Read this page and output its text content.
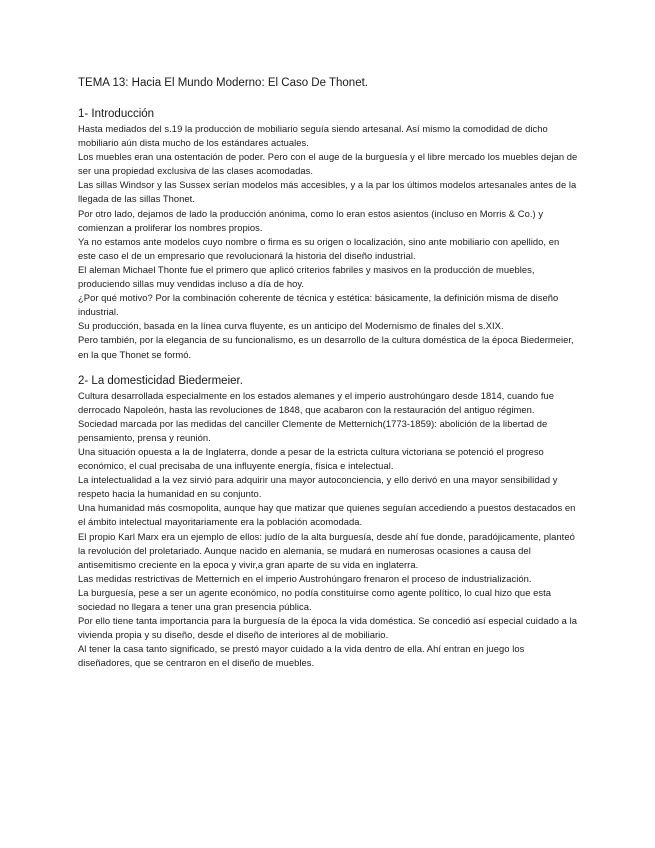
TEMA 13: Hacia El Mundo Moderno: El Caso De Thonet.
1- Introducción

Hasta mediados del s.19 la producción de mobiliario seguía siendo artesanal. Así mismo la comodidad de dicho mobiliario aún dista mucho de los estándares actuales.

Los muebles eran una ostentación de poder. Pero con el auge de la burguesía y el libre mercado los muebles dejan de ser una propiedad exclusiva de las clases acomodadas.

Las sillas Windsor y las Sussex serían modelos más accesibles, y a la par los últimos modelos artesanales antes de la llegada de las sillas Thonet.

Por otro lado, dejamos de lado la producción anónima, como lo eran estos asientos (incluso en Morris & Co.) y comienzan a proliferar los nombres propios.

Ya no estamos ante modelos cuyo nombre o firma es su origen o localización, sino ante mobiliario con apellido, en este caso el de un empresario que revolucionará la historia del diseño industrial.

El aleman Michael Thonte fue el primero que aplicó criterios fabriles y masivos en la producción de muebles, produciendo sillas muy vendidas incluso a día de hoy.

¿Por qué motivo? Por la combinación coherente de técnica y estética: básicamente, la definición misma de diseño industrial.

Su producción, basada en la línea curva fluyente, es un anticipo del Modernismo de finales del s.XIX.

Pero también, por la elegancia de su funcionalismo, es un desarrollo de la cultura doméstica de la época Biedermeier, en la que Thonet se formó.

2- La domesticidad Biedermeier.

Cultura desarrollada especialmente en los estados alemanes y el imperio austrohúngaro desde 1814, cuando fue derrocado Napoleón, hasta las revoluciones de 1848, que acabaron con la restauración del antiguo régimen.

Sociedad marcada por las medidas del canciller Clemente de Metternich(1773-1859): abolición de la libertad de pensamiento, prensa y reunión.

Una situación opuesta a la de Inglaterra, donde a pesar de la estricta cultura victoriana se potenció el progreso económico, el cual precisaba de una influyente energía, física e intelectual.

La intelectualidad a la vez sirvió para adquirir una mayor autoconciencia, y ello derivó en una mayor sensibilidad y respeto hacia la humanidad en su conjunto.

Una humanidad más cosmopolita, aunque hay que matizar que quienes seguían accediendo a puestos destacados en el ámbito intelectual mayoritariamente era la población acomodada.

El propio Karl Marx era un ejemplo de ellos: judío de la alta burguesía, desde ahí fue donde, paradójicamente, planteó la revolución del proletariado. Aunque nacido en alemania, se mudará en numerosas ocasiones a causa del antisemitismo creciente en la epoca y vivir,a gran aparte de su vida en inglaterra.

Las medidas restrictivas de Metternich en el imperio Austrohúngaro frenaron el proceso de industrialización.

La burguesía, pese a ser un agente económico, no podía constituirse como agente político, lo cual hizo que esta sociedad no llegara a tener una gran presencia pública.

Por ello tiene tanta importancia para la burguesía de la época la vida doméstica. Se concedió así especial cuidado a la vivienda propia y su diseño, desde el diseño de interiores al de mobiliario.

Al tener la casa tanto significado, se prestó mayor cuidado a la vida dentro de ella. Ahí entran en juego los diseñadores, que se centraron en el diseño de muebles.
